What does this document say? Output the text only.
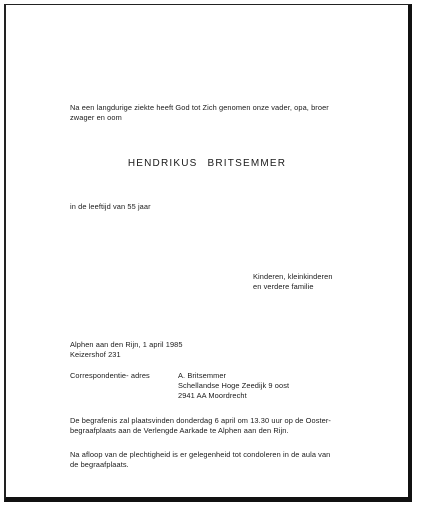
Na een langdurige ziekte heeft God tot Zich genomen onze vader, opa, broer
zwager en oom
HENDRIKUS BRITSEMMER
in de leeftijd van 55 jaar
Kinderen, kleinkinderen
en verdere familie
Alphen aan den Rijn, 1 april 1985
Keizershof 231
Correspondentie- adres	A. Britsemmer
Schellandse Hoge Zeedijk 9 oost
2941 AA Moordrecht
De begrafenis zal plaatsvinden donderdag 6 april om 13.30 uur op de Ooster-
begraafplaats aan de Verlengde Aarkade te Alphen aan den Rijn.
Na afloop van de plechtigheid is er gelegenheid tot condoleren in de aula van
de begraafplaats.
